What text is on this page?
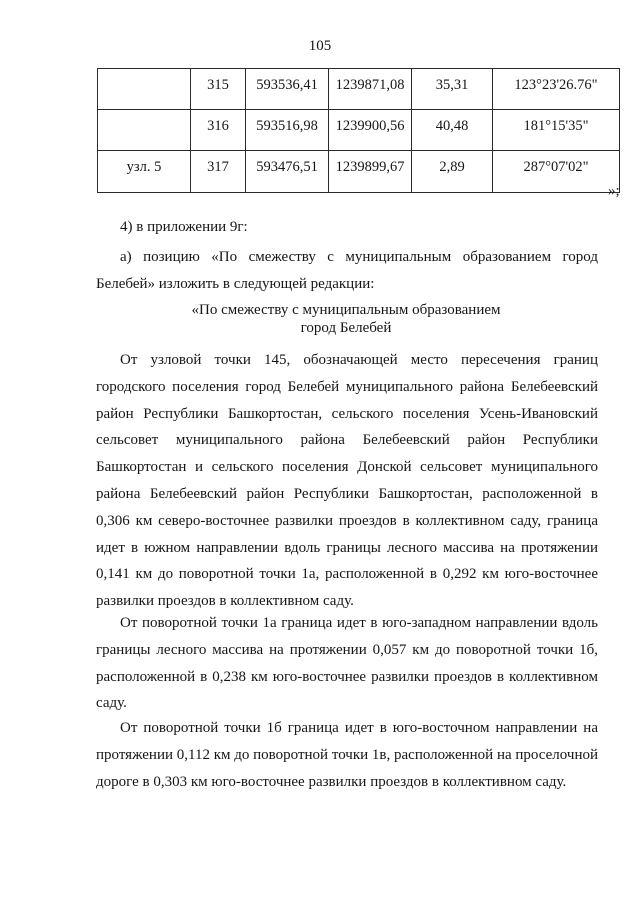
105
	315	593536,41	1239871,08	35,31	123°23'26.76"
	316	593516,98	1239900,56	40,48	181°15'35"
узл. 5	317	593476,51	1239899,67	2,89	287°07'02"
»;

4) в приложении 9г:

а) позицию «По смежеству с муниципальным образованием город Белебей» изложить в следующей редакции:

«По смежеству с муниципальным образованием

город Белебей

От узловой точки 145, обозначающей место пересечения границ городского поселения город Белебей муниципального района Белебеевский район Республики Башкортостан, сельского поселения Усень-Ивановский сельсовет муниципального района Белебеевский район Республики Башкортостан и сельского поселения Донской сельсовет муниципального района Белебеевский район Республики Башкортостан, расположенной в 0,306 км северо-восточнее развилки проездов в коллективном саду, граница идет в южном направлении вдоль границы лесного массива на протяжении 0,141 км до поворотной точки 1а, расположенной в 0,292 км юго-восточнее развилки проездов в коллективном саду.

От поворотной точки 1а граница идет в юго-западном направлении вдоль границы лесного массива на протяжении 0,057 км до поворотной точки 1б, расположенной в 0,238 км юго-восточнее развилки проездов в коллективном саду.

От поворотной точки 1б граница идет в юго-восточном направлении на протяжении 0,112 км до поворотной точки 1в, расположенной на проселочной дороге в 0,303 км юго-восточнее развилки проездов в коллективном саду.
